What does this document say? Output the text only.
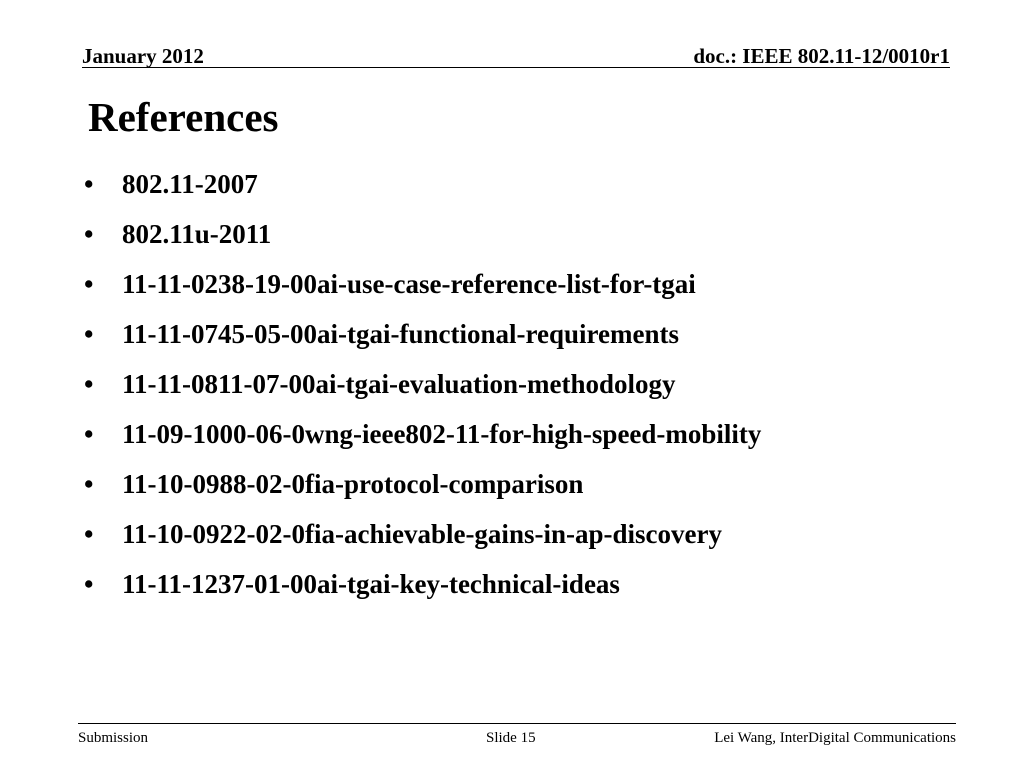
January 2012	doc.: IEEE 802.11-12/0010r1
References
•	802.11-2007
•	802.11u-2011
•	11-11-0238-19-00ai-use-case-reference-list-for-tgai
•	11-11-0745-05-00ai-tgai-functional-requirements
•	11-11-0811-07-00ai-tgai-evaluation-methodology
•	11-09-1000-06-0wng-ieee802-11-for-high-speed-mobility
•	11-10-0988-02-0fia-protocol-comparison
•	11-10-0922-02-0fia-achievable-gains-in-ap-discovery
•	11-11-1237-01-00ai-tgai-key-technical-ideas
Submission	Slide 15	Lei Wang, InterDigital Communications
